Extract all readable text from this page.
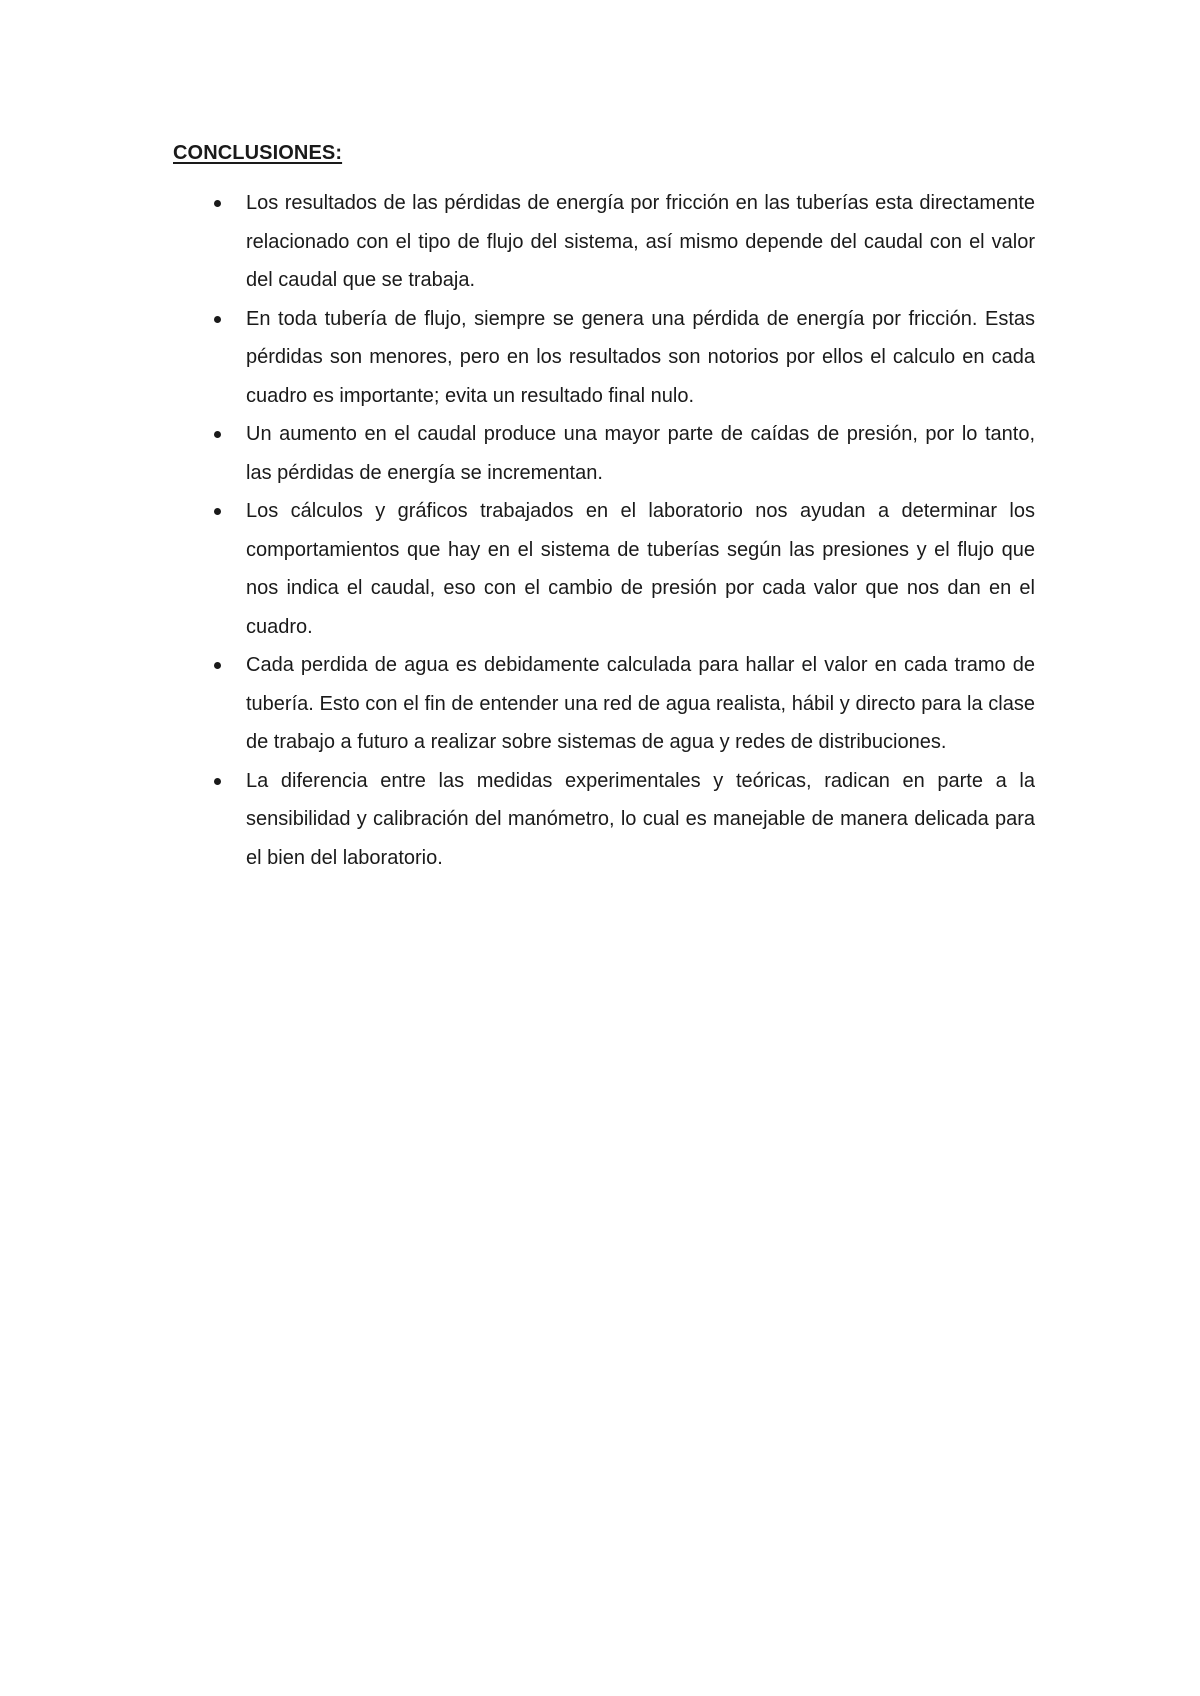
CONCLUSIONES:
Los resultados de las pérdidas de energía por fricción en las tuberías esta directamente relacionado con el tipo de flujo del sistema, así mismo depende del caudal con el valor del caudal que se trabaja.
En toda tubería de flujo, siempre se genera una pérdida de energía por fricción. Estas pérdidas son menores, pero en los resultados son notorios por ellos el calculo en cada cuadro es importante; evita un resultado final nulo.
Un aumento en el caudal produce una mayor parte de caídas de presión, por lo tanto, las pérdidas de energía se incrementan.
Los cálculos y gráficos trabajados en el laboratorio nos ayudan a determinar los comportamientos que hay en el sistema de tuberías según las presiones y el flujo que nos indica el caudal, eso con el cambio de presión por cada valor que nos dan en el cuadro.
Cada perdida de agua es debidamente calculada para hallar el valor en cada tramo de tubería. Esto con el fin de entender una red de agua realista, hábil y directo para la clase de trabajo a futuro a realizar sobre sistemas de agua y redes de distribuciones.
La diferencia entre las medidas experimentales y teóricas, radican en parte a la sensibilidad y calibración del manómetro, lo cual es manejable de manera delicada para el bien del laboratorio.
